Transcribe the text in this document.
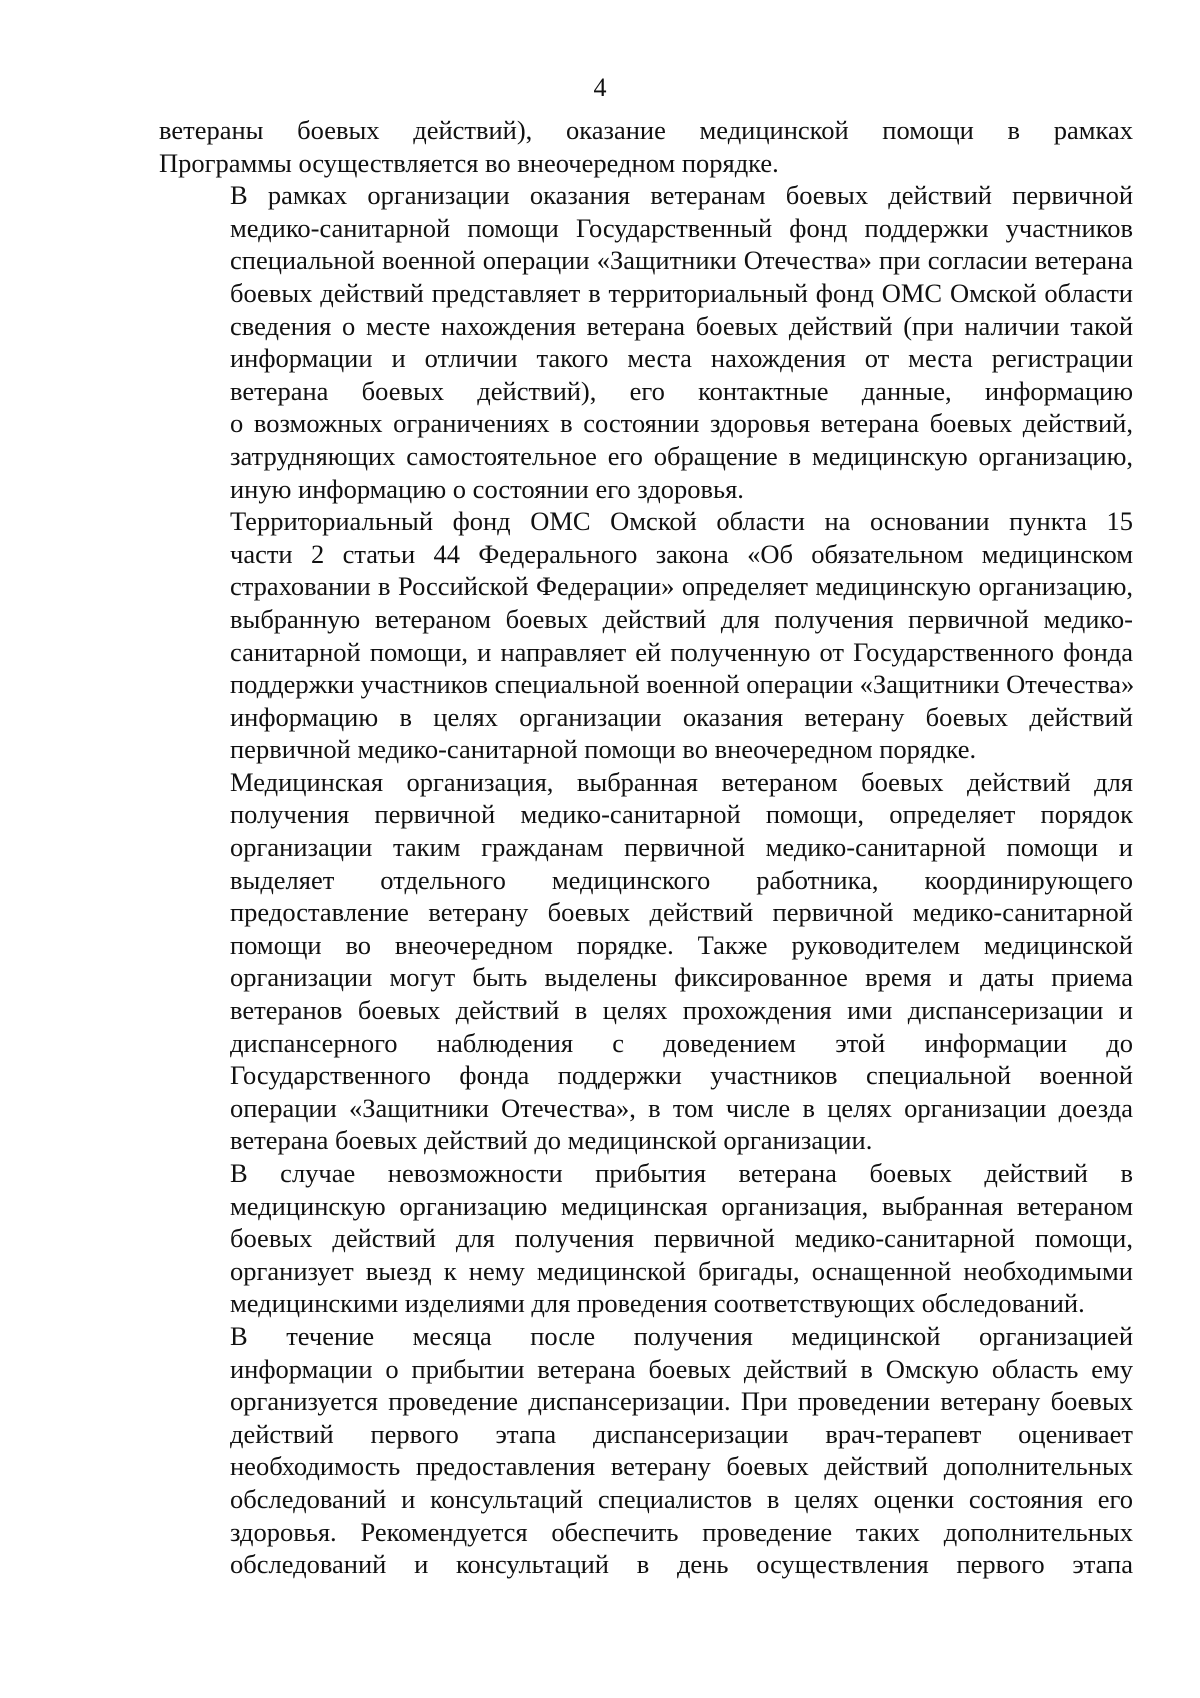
4

ветераны боевых действий), оказание медицинской помощи в рамках
Программы осуществляется во внеочередном порядке.

В рамках организации оказания ветеранам боевых действий первичной
медико-санитарной помощи Государственный фонд поддержки участников
специальной военной операции «Защитники Отечества» при согласии ветерана
боевых действий представляет в территориальный фонд ОМС Омской области
сведения о месте нахождения ветерана боевых действий (при наличии такой
информации и отличии такого места нахождения от места регистрации
ветерана боевых действий), его контактные данные, информацию
о возможных ограничениях в состоянии здоровья ветерана боевых действий,
затрудняющих самостоятельное его обращение в медицинскую организацию,
иную информацию о состоянии его здоровья.

Территориальный фонд ОМС Омской области на основании пункта 15
части 2 статьи 44 Федерального закона «Об обязательном медицинском
страховании в Российской Федерации» определяет медицинскую организацию,
выбранную ветераном боевых действий для получения первичной медико-
санитарной помощи, и направляет ей полученную от Государственного фонда
поддержки участников специальной военной операции «Защитники Отечества»
информацию в целях организации оказания ветерану боевых действий
первичной медико-санитарной помощи во внеочередном порядке.

Медицинская организация, выбранная ветераном боевых действий для
получения первичной медико-санитарной помощи, определяет порядок
организации таким гражданам первичной медико-санитарной помощи и
выделяет отдельного медицинского работника, координирующего
предоставление ветерану боевых действий первичной медико-санитарной
помощи во внеочередном порядке. Также руководителем медицинской
организации могут быть выделены фиксированное время и даты приема
ветеранов боевых действий в целях прохождения ими диспансеризации и
диспансерного наблюдения с доведением этой информации до
Государственного фонда поддержки участников специальной военной
операции «Защитники Отечества», в том числе в целях организации доезда
ветерана боевых действий до медицинской организации.

В случае невозможности прибытия ветерана боевых действий в
медицинскую организацию медицинская организация, выбранная ветераном
боевых действий для получения первичной медико-санитарной помощи,
организует выезд к нему медицинской бригады, оснащенной необходимыми
медицинскими изделиями для проведения соответствующих обследований.

В течение месяца после получения медицинской организацией
информации о прибытии ветерана боевых действий в Омскую область ему
организуется проведение диспансеризации. При проведении ветерану боевых
действий первого этапа диспансеризации врач-терапевт оценивает
необходимость предоставления ветерану боевых действий дополнительных
обследований и консультаций специалистов в целях оценки состояния его
здоровья. Рекомендуется обеспечить проведение таких дополнительных
обследований и консультаций в день осуществления первого этапа
